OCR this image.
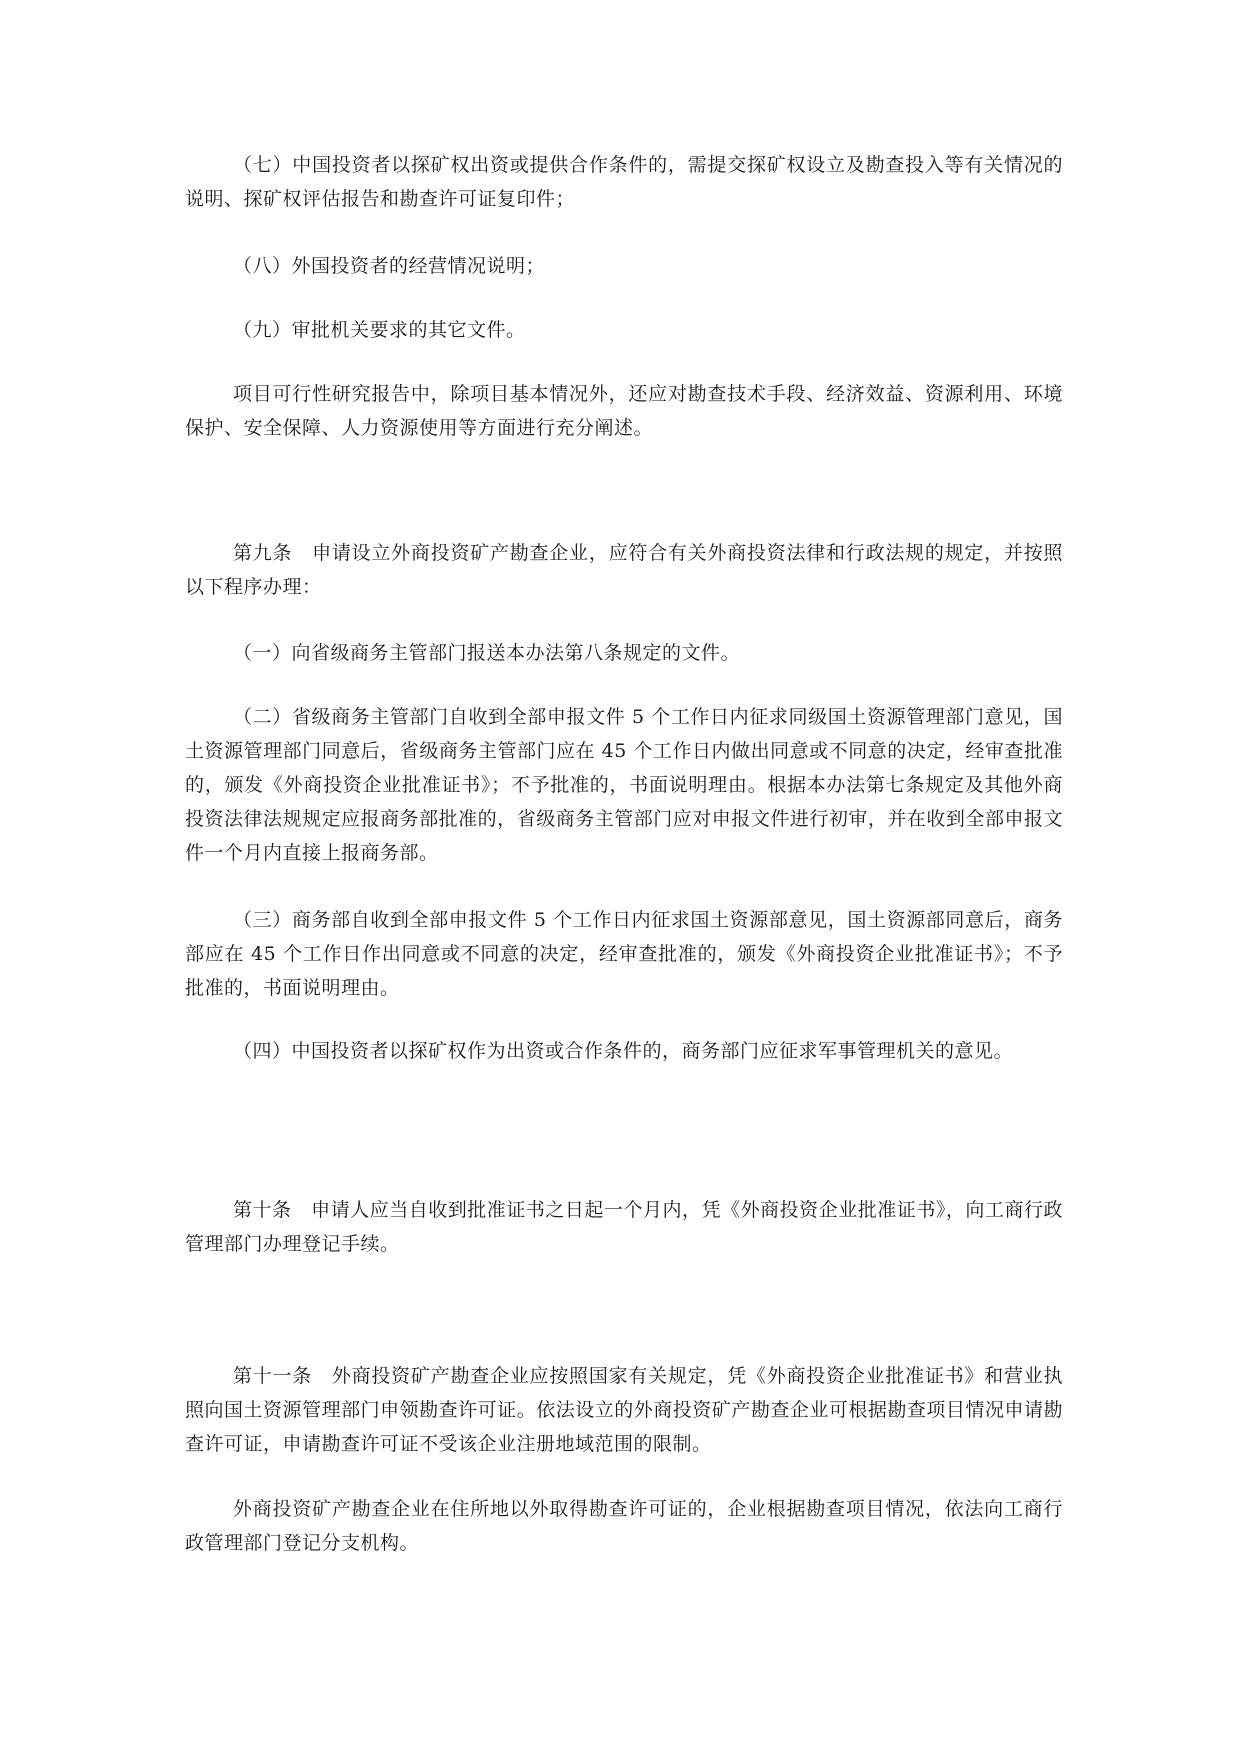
（七）中国投资者以探矿权出资或提供合作条件的，需提交探矿权设立及勘查投入等有关情况的说明、探矿权评估报告和勘查许可证复印件；

（八）外国投资者的经营情况说明；

（九）审批机关要求的其它文件。

项目可行性研究报告中，除项目基本情况外，还应对勘查技术手段、经济效益、资源利用、环境保护、安全保障、人力资源使用等方面进行充分阐述。

第九条　申请设立外商投资矿产勘查企业，应符合有关外商投资法律和行政法规的规定，并按照以下程序办理：

（一）向省级商务主管部门报送本办法第八条规定的文件。

（二）省级商务主管部门自收到全部申报文件 5 个工作日内征求同级国土资源管理部门意见，国土资源管理部门同意后，省级商务主管部门应在 45 个工作日内做出同意或不同意的决定，经审查批准的，颁发《外商投资企业批准证书》；不予批准的，书面说明理由。根据本办法第七条规定及其他外商投资法律法规规定应报商务部批准的，省级商务主管部门应对申报文件进行初审，并在收到全部申报文件一个月内直接上报商务部。

（三）商务部自收到全部申报文件 5 个工作日内征求国土资源部意见，国土资源部同意后，商务部应在 45 个工作日作出同意或不同意的决定，经审查批准的，颁发《外商投资企业批准证书》；不予批准的，书面说明理由。

（四）中国投资者以探矿权作为出资或合作条件的，商务部门应征求军事管理机关的意见。

第十条　申请人应当自收到批准证书之日起一个月内，凭《外商投资企业批准证书》，向工商行政管理部门办理登记手续。

第十一条　外商投资矿产勘查企业应按照国家有关规定，凭《外商投资企业批准证书》和营业执照向国土资源管理部门申领勘查许可证。依法设立的外商投资矿产勘查企业可根据勘查项目情况申请勘查许可证，申请勘查许可证不受该企业注册地域范围的限制。

外商投资矿产勘查企业在住所地以外取得勘查许可证的，企业根据勘查项目情况，依法向工商行政管理部门登记分支机构。
